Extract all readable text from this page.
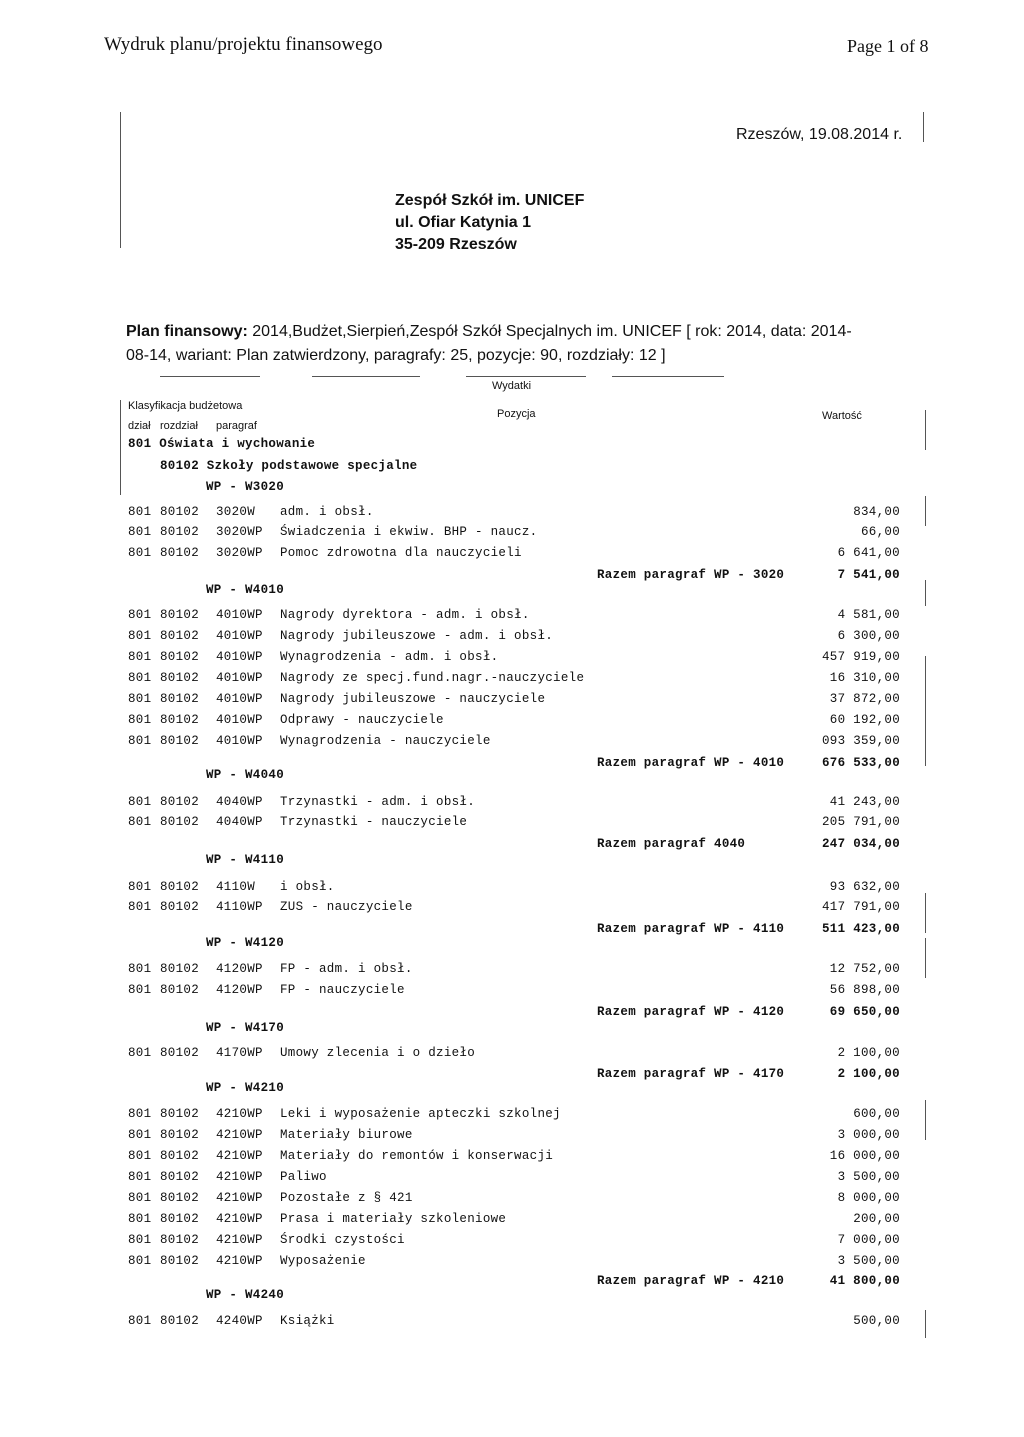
Wydruk planu/projektu finansowego	Page 1 of 8
Rzeszów, 19.08.2014 r.
Zespół Szkół im. UNICEF
ul. Ofiar Katynia 1
35-209 Rzeszów
Plan finansowy: 2014,Budżet,Sierpień,Zespół Szkół Specjalnych im. UNICEF [ rok: 2014, data: 2014-
08-14, wariant: Plan zatwierdzony, paragrafy: 25, pozycje: 90, rozdziały: 12 ]
Wydatki
Klasyfikacja budżetowa
dział rozdział paragraf
Pozycja	Wartość
801 Oświata i wychowanie
80102 Szkoły podstawowe specjalne
WP - W3020
801 80102 3020W adm. i obsł.	834,00
801 80102 3020WP Świadczenia i ekwiw. BHP - naucz.	66,00
801 80102 3020WP Pomoc zdrowotna dla nauczycieli	6 641,00
Razem paragraf WP - 3020	7 541,00
WP - W4010
801 80102 4010WP Nagrody dyrektora - adm. i obsł.	4 581,00
801 80102 4010WP Nagrody jubileuszowe - adm. i obsł.	6 300,00
801 80102 4010WP Wynagrodzenia - adm. i obsł.	457 919,00
801 80102 4010WP Nagrody ze specj.fund.nagr.-nauczyciele	16 310,00
801 80102 4010WP Nagrody jubileuszowe - nauczyciele	37 872,00
801 80102 4010WP Odprawy - nauczyciele	60 192,00
801 80102 4010WP Wynagrodzenia - nauczyciele	093 359,00
Razem paragraf WP - 4010	676 533,00
WP - W4040
801 80102 4040WP Trzynastki - adm. i obsł.	41 243,00
801 80102 4040WP Trzynastki - nauczyciele	205 791,00
Razem paragraf 4040	247 034,00
WP - W4110
801 80102 4110W i obsł.	93 632,00
801 80102 4110WP ZUS - nauczyciele	417 791,00
Razem paragraf WP - 4110	511 423,00
WP - W4120
801 80102 4120WP FP - adm. i obsł.	12 752,00
801 80102 4120WP FP - nauczyciele	56 898,00
Razem paragraf WP - 4120	69 650,00
WP - W4170
801 80102 4170WP Umowy zlecenia i o dzieło	2 100,00
Razem paragraf WP - 4170	2 100,00
WP - W4210
801 80102 4210WP Leki i wyposażenie apteczki szkolnej	600,00
801 80102 4210WP Materiały biurowe	3 000,00
801 80102 4210WP Materiały do remontów i konserwacji	16 000,00
801 80102 4210WP Paliwo	3 500,00
801 80102 4210WP Pozostałe z § 421	8 000,00
801 80102 4210WP Prasa i materiały szkoleniowe	200,00
801 80102 4210WP Środki czystości	7 000,00
801 80102 4210WP Wyposażenie	3 500,00
Razem paragraf WP - 4210	41 800,00
WP - W4240
801 80102 4240WP Książki	500,00
